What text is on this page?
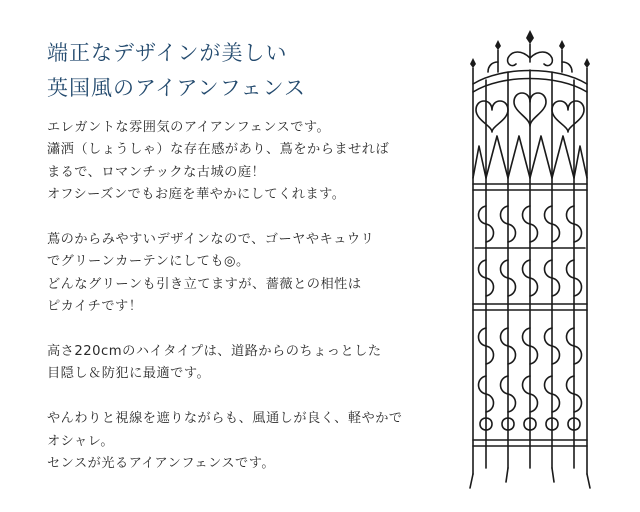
端正なデザインが美しい
英国風のアイアンフェンス

エレガントな雰囲気のアイアンフェンスです。
瀟洒（しょうしゃ）な存在感があり、蔦をからませれば
まるで、ロマンチックな古城の庭！
オフシーズンでもお庭を華やかにしてくれます。

蔦のからみやすいデザインなので、ゴーヤやキュウリ
でグリーンカーテンにしても◎。
どんなグリーンも引き立てますが、薔薇との相性は
ピカイチです！

高さ220cmのハイタイプは、道路からのちょっとした
目隠し＆防犯に最適です。

やんわりと視線を遮りながらも、風通しが良く、軽やかで
オシャレ。
センスが光るアイアンフェンスです。
